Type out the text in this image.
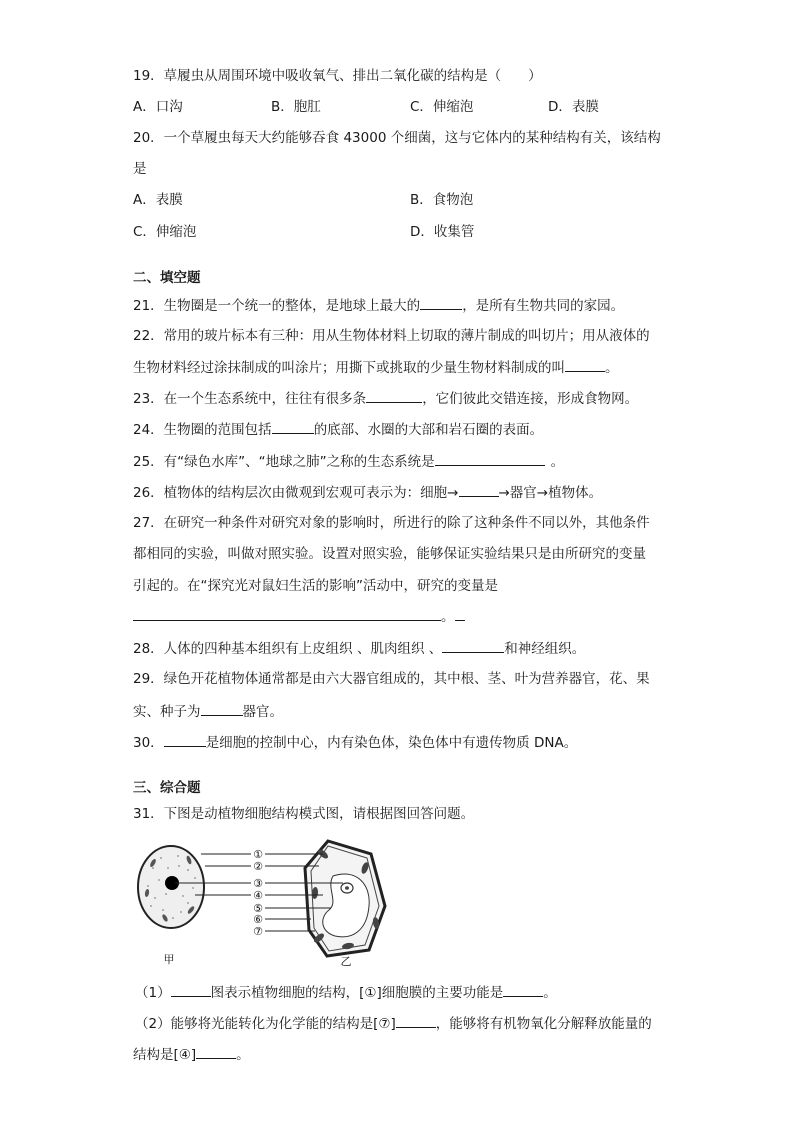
19．草履虫从周围环境中吸收氧气、排出二氧化碳的结构是（　　）
A．口沟	B．胞肛	C．伸缩泡	D．表膜
20．一个草履虫每天大约能够吞食 43000 个细菌，这与它体内的某种结构有关，该结构
是
A．表膜	B．食物泡
C．伸缩泡	D．收集管
二、填空题
21．生物圈是一个统一的整体，是地球上最大的	，是所有生物共同的家园。
22．常用的玻片标本有三种：用从生物体材料上切取的薄片制成的叫切片；用从液体的
生物材料经过涂抹制成的叫涂片；用撕下或挑取的少量生物材料制成的叫	。
23．在一个生态系统中，往往有很多条	，它们彼此交错连接，形成食物网。
24．生物圈的范围包括	的底部、水圈的大部和岩石圈的表面。
25．有“绿色水库”、“地球之肺”之称的生态系统是	。
26．植物体的结构层次由微观到宏观可表示为：细胞→	→器官→植物体。
27．在研究一种条件对研究对象的影响时，所进行的除了这种条件不同以外，其他条件
都相同的实验，叫做对照实验。设置对照实验，能够保证实验结果只是由所研究的变量
引起的。在“探究光对鼠妇生活的影响”活动中，研究的变量是
。
28．人体的四种基本组织有上皮组织 、肌肉组织 、	和神经组织。
29．绿色开花植物体通常都是由六大器官组成的，其中根、茎、叶为营养器官，花、果
实、种子为	器官。
30．	是细胞的控制中心，内有染色体，染色体中有遗传物质 DNA。
三、综合题
31．下图是动植物细胞结构模式图，请根据图回答问题。
①
②
③
④
⑤
⑥
⑦
甲	乙
（1）	图表示植物细胞的结构，[①]细胞膜的主要功能是	。
（2）能够将光能转化为化学能的结构是[⑦]	，能够将有机物氧化分解释放能量的
结构是[④]	。
